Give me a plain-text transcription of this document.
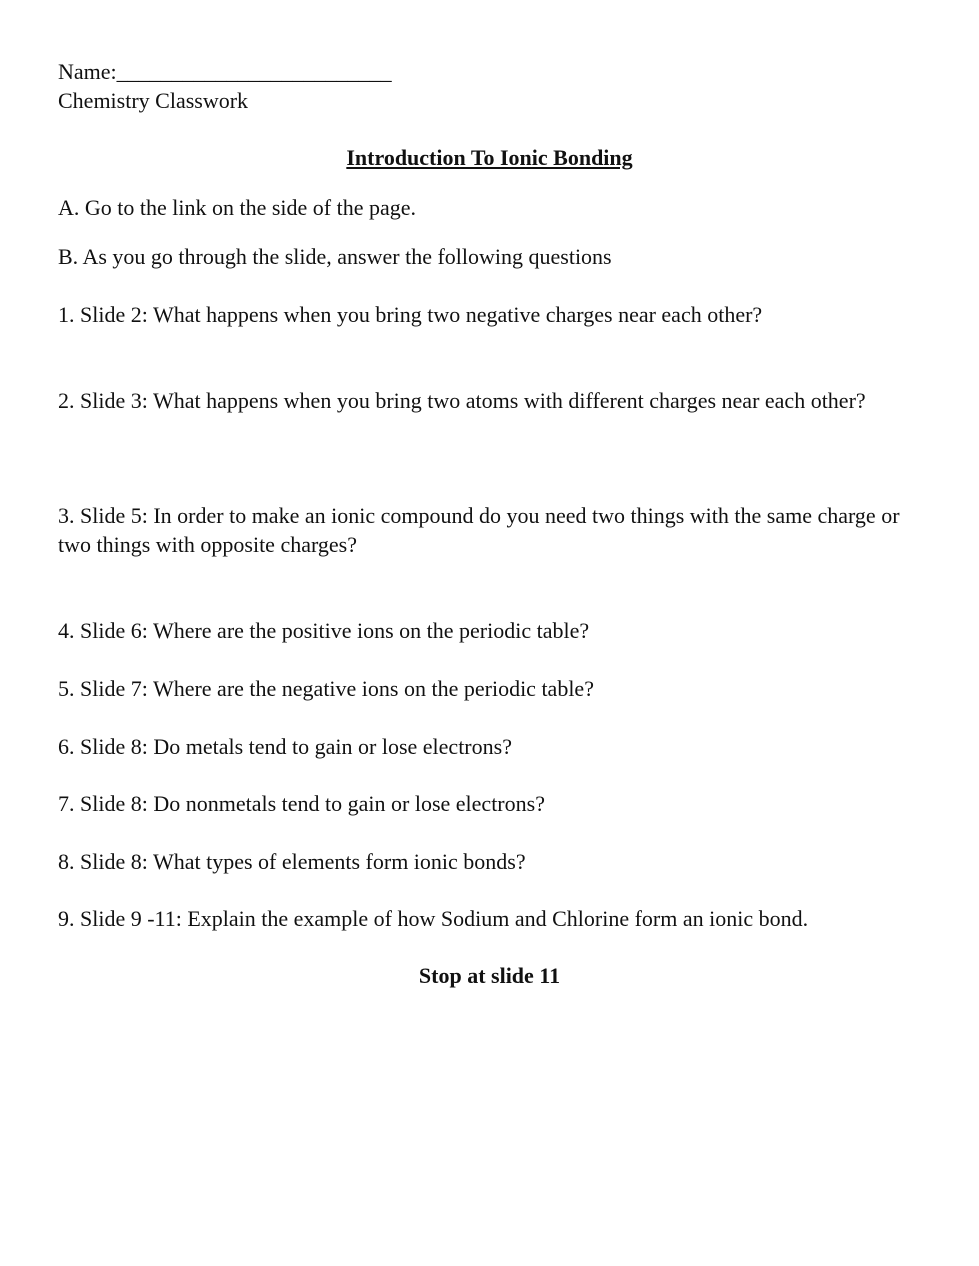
Name:_________________________
Chemistry Classwork
Introduction To Ionic Bonding
A. Go to the link on the side of the page.
B. As you go through the slide, answer the following questions
1. Slide 2: What happens when you bring two negative charges near each other?
2. Slide 3: What happens when you bring two atoms with different charges near each other?
3. Slide 5: In order to make an ionic compound do you need two things with the same charge or two things with opposite charges?
4. Slide 6: Where are the positive ions on the periodic table?
5. Slide 7: Where are the negative ions on the periodic table?
6. Slide 8: Do metals tend to gain or lose electrons?
7. Slide 8: Do nonmetals tend to gain or lose electrons?
8. Slide 8: What types of elements form ionic bonds?
9. Slide 9 -11: Explain the example of how Sodium and Chlorine form an ionic bond.
Stop at slide 11
